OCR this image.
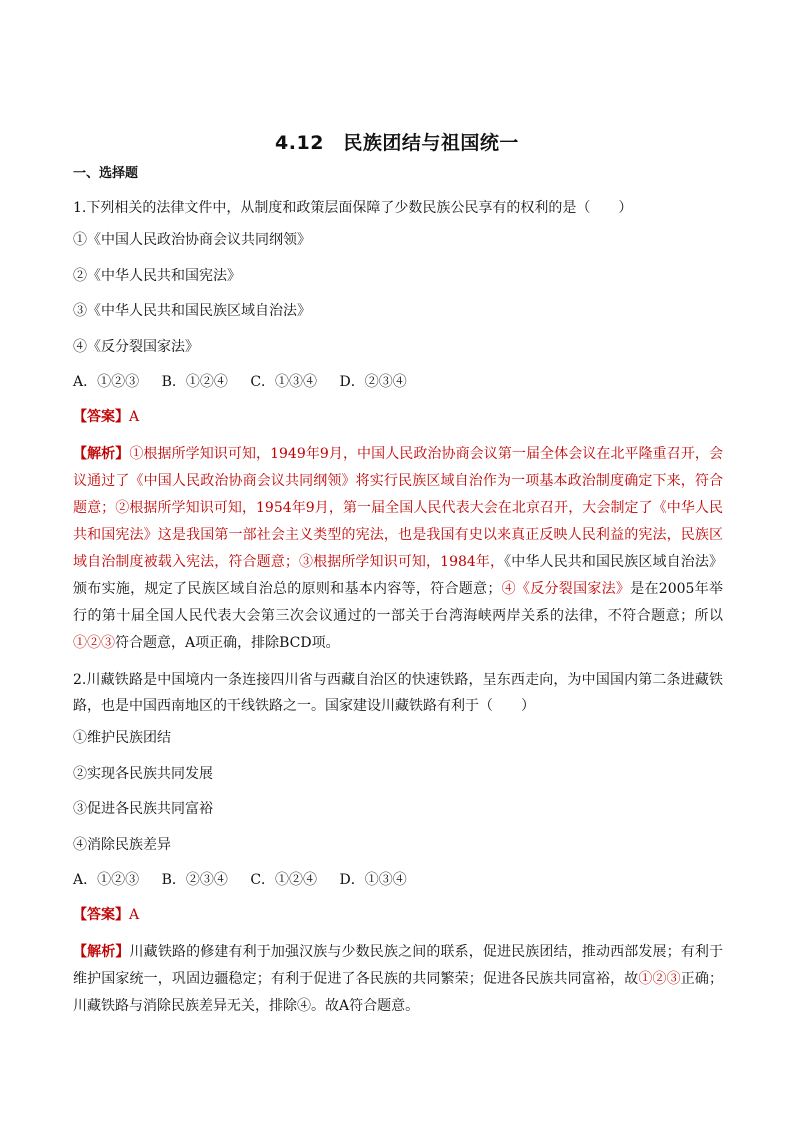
4.12　民族团结与祖国统一
一、选择题

1.下列相关的法律文件中，从制度和政策层面保障了少数民族公民享有的权利的是（　　）

①《中国人民政治协商会议共同纲领》

②《中华人民共和国宪法》

③《中华人民共和国民族区域自治法》

④《反分裂国家法》

A．①②③ B．①②④ C．①③④ D．②③④

【答案】A

【解析】①根据所学知识可知，1949年9月，中国人民政治协商会议第一届全体会议在北平隆重召开，会议通过了《中国人民政治协商会议共同纲领》将实行民族区域自治作为一项基本政治制度确定下来，符合题意；②根据所学知识可知，1954年9月，第一届全国人民代表大会在北京召开，大会制定了《中华人民共和国宪法》这是我国第一部社会主义类型的宪法，也是我国有史以来真正反映人民利益的宪法，民族区域自治制度被载入宪法，符合题意；③根据所学知识可知，1984年，《中华人民共和国民族区域自治法》颁布实施，规定了民族区域自治总的原则和基本内容等，符合题意；④《反分裂国家法》是在2005年举行的第十届全国人民代表大会第三次会议通过的一部关于台湾海峡两岸关系的法律，不符合题意；所以①②③符合题意，A项正确，排除BCD项。

2.川藏铁路是中国境内一条连接四川省与西藏自治区的快速铁路，呈东西走向，为中国国内第二条进藏铁路，也是中国西南地区的干线铁路之一。国家建设川藏铁路有利于（　　）

①维护民族团结

②实现各民族共同发展

③促进各民族共同富裕

④消除民族差异

A．①②③ B．②③④ C．①②④ D．①③④

【答案】A

【解析】川藏铁路的修建有利于加强汉族与少数民族之间的联系，促进民族团结，推动西部发展；有利于维护国家统一，巩固边疆稳定；有利于促进了各民族的共同繁荣；促进各民族共同富裕，故①②③正确；川藏铁路与消除民族差异无关，排除④。故A符合题意。
